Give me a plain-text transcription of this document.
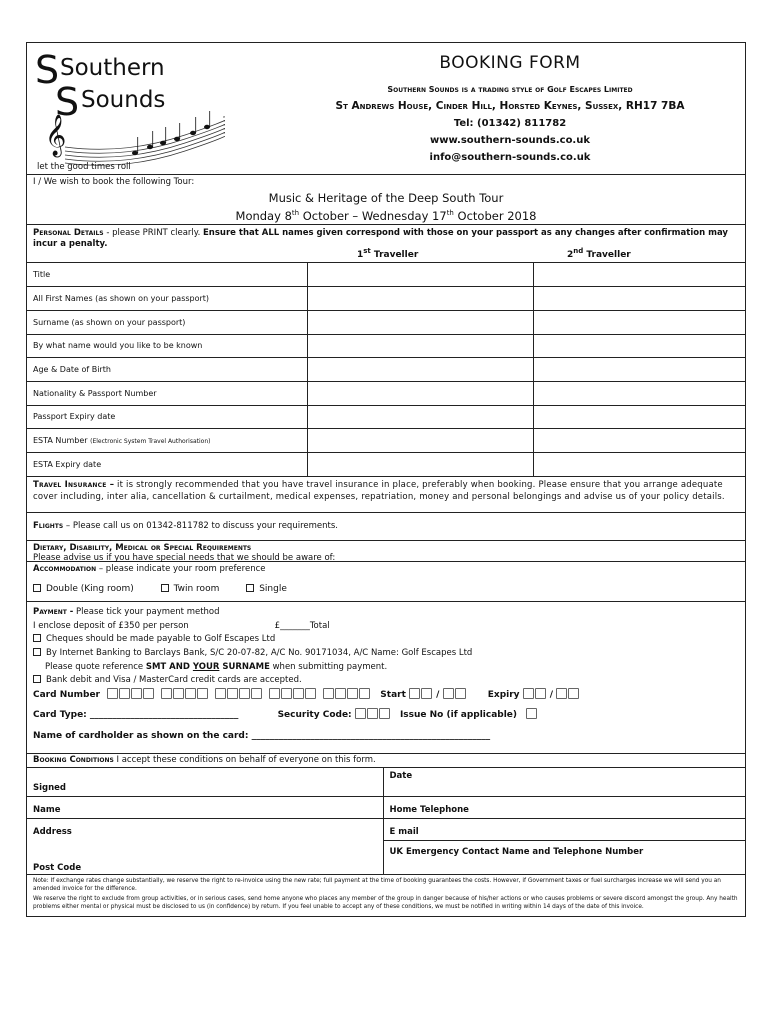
S Southern
S Sounds
𝄞
let the good times roll
BOOKING FORM
Southern Sounds is a trading style of Golf Escapes Limited
St Andrews House, Cinder Hill, Horsted Keynes, Sussex, RH17 7BA
Tel: (01342) 811782
www.southern-sounds.co.uk
info@southern-sounds.co.uk
I / We wish to book the following Tour:
Music & Heritage of the Deep South Tour
Monday 8th October – Wednesday 17th October 2018
Personal Details - please PRINT clearly. Ensure that ALL names given correspond with those on your passport as any changes after confirmation may incur a penalty.
1st Traveller	2nd Traveller
Title		
All First Names (as shown on your passport)		
Surname (as shown on your passport)		
By what name would you like to be known		
Age & Date of Birth		
Nationality & Passport Number		
Passport Expiry date		
ESTA Number (Electronic System Travel Authorisation)		
ESTA Expiry date		
Travel Insurance – it is strongly recommended that you have travel insurance in place, preferably when booking. Please ensure that you arrange adequate cover including, inter alia, cancellation & curtailment, medical expenses, repatriation, money and personal belongings and advise us of your policy details.
Flights – Please call us on 01342-811782 to discuss your requirements.
Dietary, Disability, Medical or Special Requirements
Please advise us if you have special needs that we should be aware of:
Accommodation – please indicate your room preference
Double (King room)	Twin room	Single
Payment - Please tick your payment method
I enclose deposit of £350 per person	£_______Total
Cheques should be made payable to Golf Escapes Ltd
By Internet Banking to Barclays Bank, S/C 20-07-82, A/C No. 90171034, A/C Name: Golf Escapes Ltd
Please quote reference SMT AND YOUR SURNAME when submitting payment.
Bank debit and Visa / MasterCard credit cards are accepted.
Card Number	Start	/	Expiry	/
Card Type: _________________________________	Security Code:	Issue No (if applicable)
Name of cardholder as shown on the card: _____________________________________________________
Booking Conditions I accept these conditions on behalf of everyone on this form.
Signed	Date
Name	Home Telephone
Address	E mail
	UK Emergency Contact Name and Telephone Number
Post Code	

Note: If exchange rates change substantially, we reserve the right to re-invoice using the new rate; full payment at the time of booking guarantees the costs. However, if Government taxes or fuel surcharges increase we will send you an amended invoice for the difference.

We reserve the right to exclude from group activities, or in serious cases, send home anyone who places any member of the group in danger because of his/her actions or who causes problems or severe discord amongst the group. Any health problems either mental or physical must be disclosed to us (in confidence) by return. If you feel unable to accept any of these conditions, we must be notified in writing within 14 days of the date of this invoice.
